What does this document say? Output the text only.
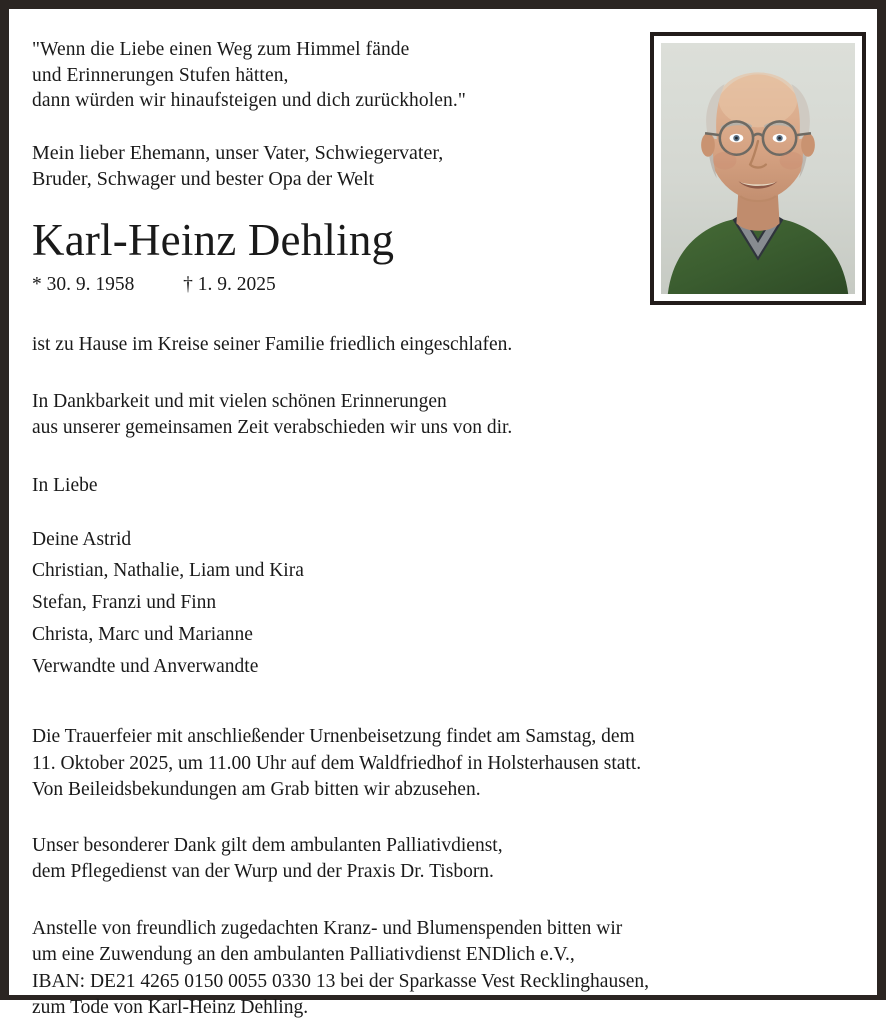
"Wenn die Liebe einen Weg zum Himmel fände
und Erinnerungen Stufen hätten,
dann würden wir hinaufsteigen und dich zurückholen."
Mein lieber Ehemann, unser Vater, Schwiegervater,
Bruder, Schwager und bester Opa der Welt
Karl-Heinz Dehling
* 30. 9. 1958          † 1. 9. 2025
ist zu Hause im Kreise seiner Familie friedlich eingeschlafen.
In Dankbarkeit und mit vielen schönen Erinnerungen
aus unserer gemeinsamen Zeit verabschieden wir uns von dir.
In Liebe
Deine Astrid
Christian, Nathalie, Liam und Kira
Stefan, Franzi und Finn
Christa, Marc und Marianne
Verwandte und Anverwandte
Die Trauerfeier mit anschließender Urnenbeisetzung findet am Samstag, dem
11. Oktober 2025, um 11.00 Uhr auf dem Waldfriedhof in Holsterhausen statt.
Von Beileidsbekundungen am Grab bitten wir abzusehen.
Unser besonderer Dank gilt dem ambulanten Palliativdienst,
dem Pflegedienst van der Wurp und der Praxis Dr. Tisborn.
Anstelle von freundlich zugedachten Kranz- und Blumenspenden bitten wir
um eine Zuwendung an den ambulanten Palliativdienst ENDlich e.V.,
IBAN: DE21 4265 0150 0055 0330 13 bei der Sparkasse Vest Recklinghausen,
zum Tode von Karl-Heinz Dehling.
